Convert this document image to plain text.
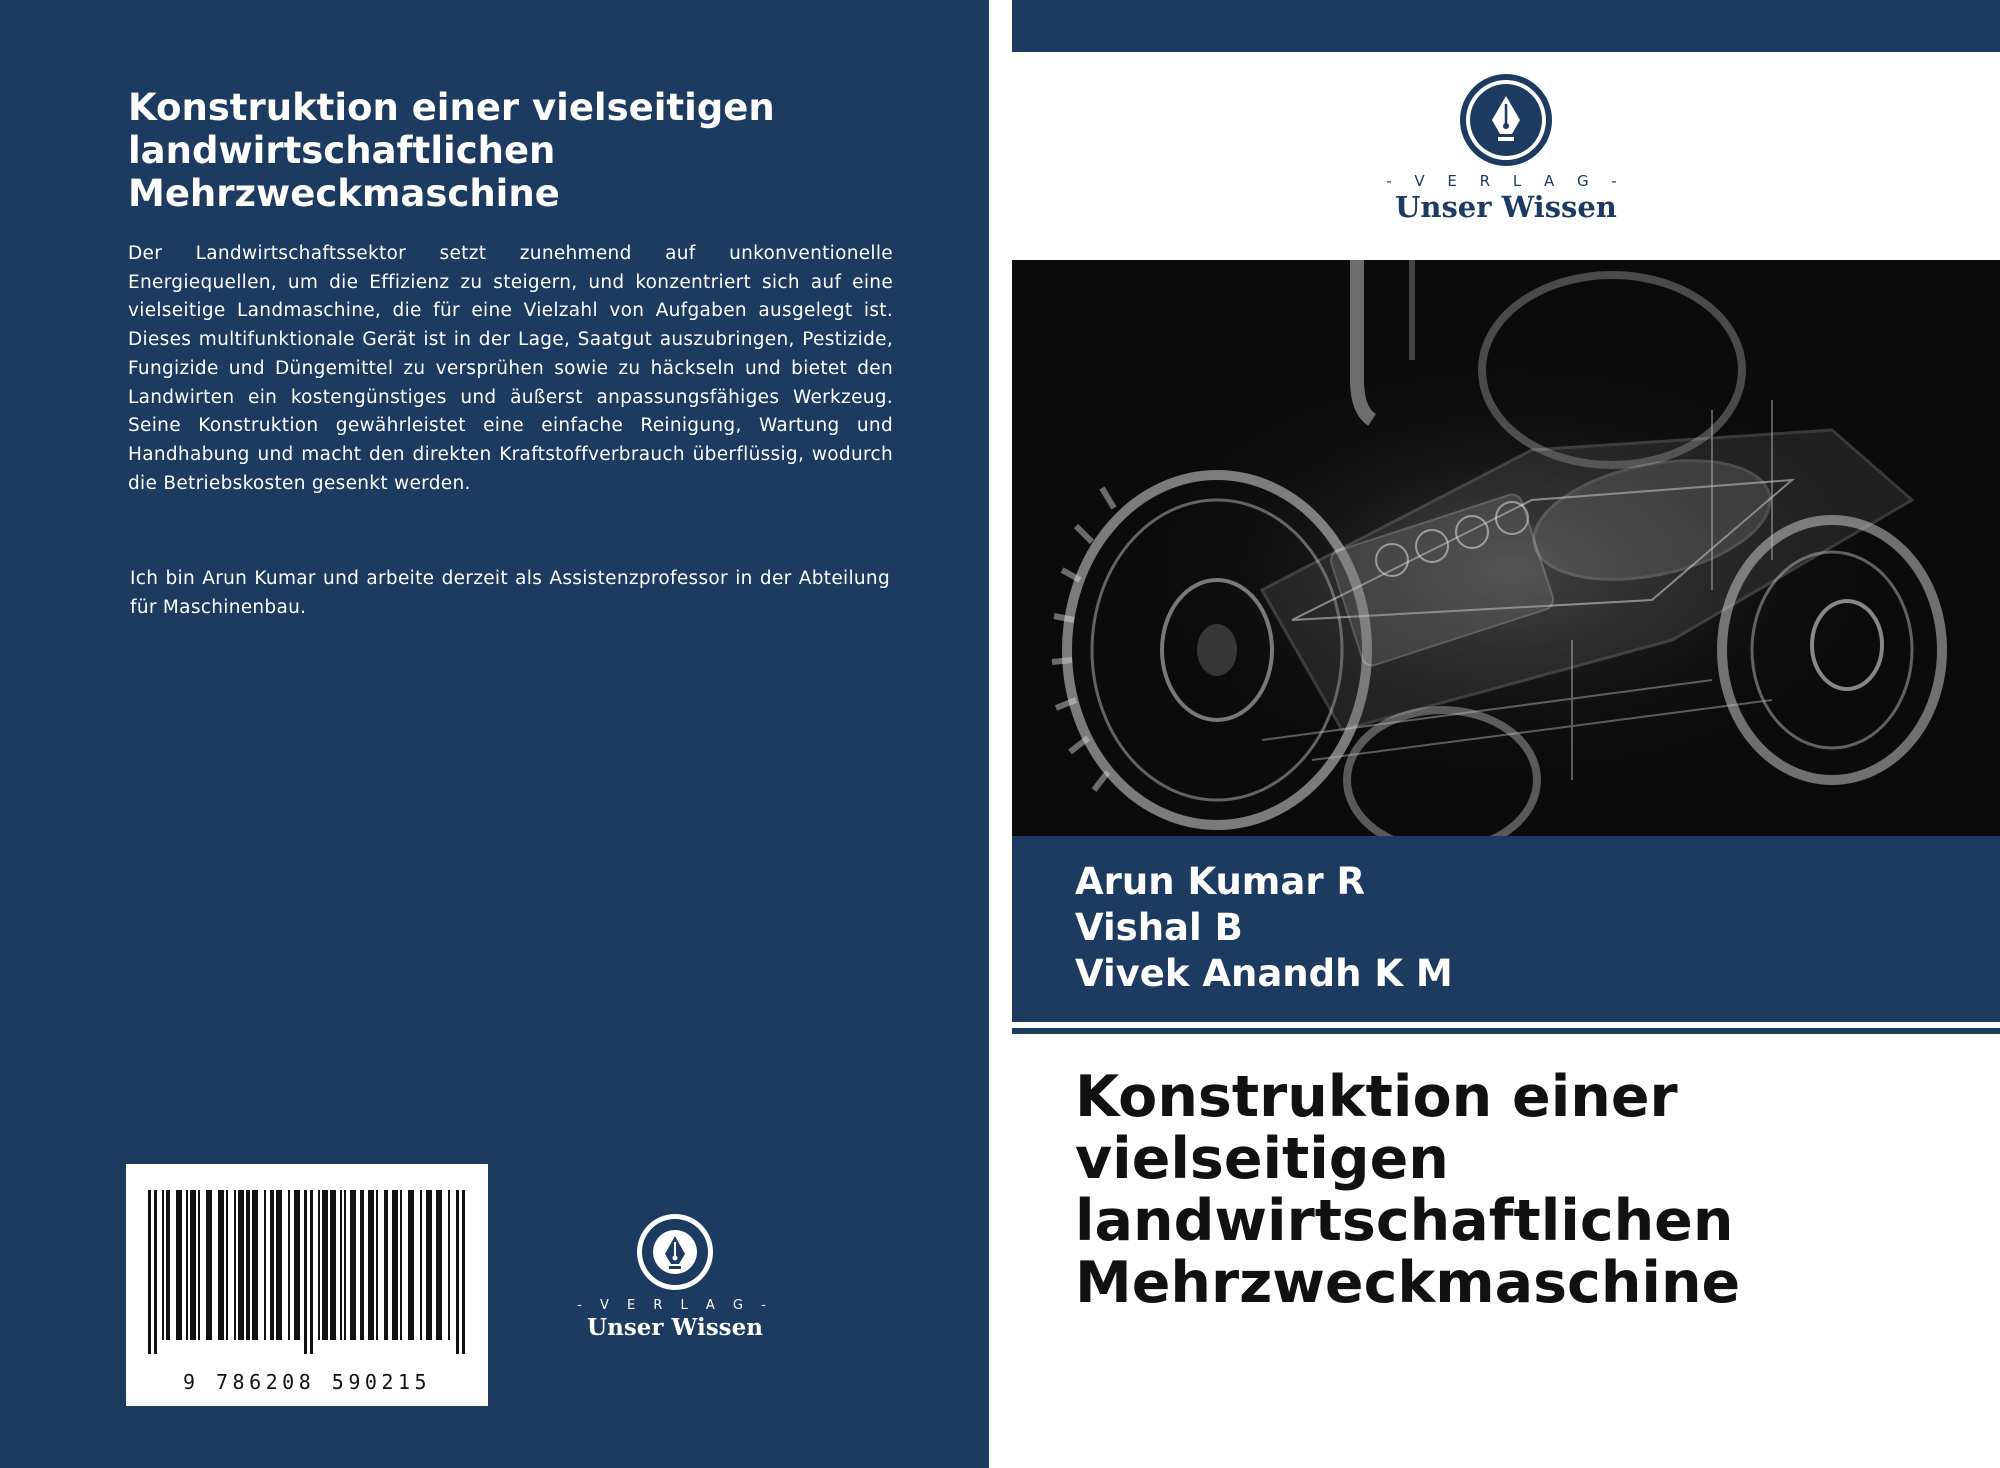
Konstruktion einer vielseitigen landwirtschaftlichen Mehrzweckmaschine

Der Landwirtschaftssektor setzt zunehmend auf unkonventionelle Energiequellen, um die Effizienz zu steigern, und konzentriert sich auf eine vielseitige Landmaschine, die für eine Vielzahl von Aufgaben ausgelegt ist. Dieses multifunktionale Gerät ist in der Lage, Saatgut auszubringen, Pestizide, Fungizide und Düngemittel zu versprühen sowie zu häckseln und bietet den Landwirten ein kostengünstiges und äußerst anpassungsfähiges Werkzeug. Seine Konstruktion gewährleistet eine einfache Reinigung, Wartung und Handhabung und macht den direkten Kraftstoffverbrauch überflüssig, wodurch die Betriebskosten gesenkt werden.

Ich bin Arun Kumar und arbeite derzeit als Assistenzprofessor in der Abteilung für Maschinenbau.

9 786208 590215
- V E R L A G -
Unser Wissen
- V E R L A G -
Unser Wissen

Arun Kumar R

Vishal B

Vivek Anandh K M

Konstruktion einer vielseitigen landwirtschaftlichen Mehrzweckmaschine
